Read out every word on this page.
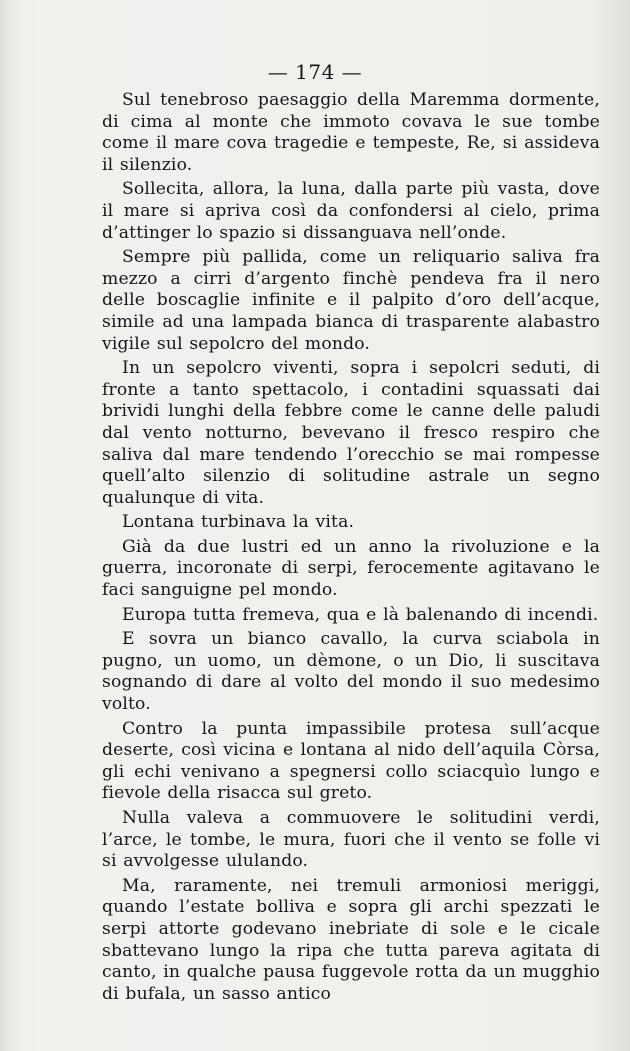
— 174 —

Sul tenebroso paesaggio della Maremma dormente, di cima al monte che immoto covava le sue tombe come il mare cova tragedie e tempeste, Re, si assideva il silenzio.

Sollecita, allora, la luna, dalla parte più vasta, dove il mare si apriva così da confondersi al cielo, prima d’attinger lo spazio si dissanguava nell’onde.

Sempre più pallida, come un reliquario saliva fra mezzo a cirri d’argento finchè pendeva fra il nero delle boscaglie infinite e il palpito d’oro dell’acque, simile ad una lampada bianca di trasparente alabastro vigile sul sepolcro del mondo.

In un sepolcro viventi, sopra i sepolcri seduti, di fronte a tanto spettacolo, i contadini squassati dai brividi lunghi della febbre come le canne delle paludi dal vento notturno, bevevano il fresco respiro che saliva dal mare tendendo l’orecchio se mai rompesse quell’alto silenzio di solitudine astrale un segno qualunque di vita.

Lontana turbinava la vita.

Già da due lustri ed un anno la rivoluzione e la guerra, incoronate di serpi, ferocemente agitavano le faci sanguigne pel mondo.

Europa tutta fremeva, qua e là balenando di incendi.

E sovra un bianco cavallo, la curva sciabola in pugno, un uomo, un dèmone, o un Dio, li suscitava sognando di dare al volto del mondo il suo medesimo volto.

Contro la punta impassibile protesa sull’acque deserte, così vicina e lontana al nido dell’aquila Còrsa, gli echi venivano a spegnersi collo sciacquìo lungo e fievole della risacca sul greto.

Nulla valeva a commuovere le solitudini verdi, l’arce, le tombe, le mura, fuori che il vento se folle vi si avvolgesse ululando.

Ma, raramente, nei tremuli armoniosi meriggi, quando l’estate bolliva e sopra gli archi spezzati le serpi attorte godevano inebriate di sole e le cicale sbattevano lungo la ripa che tutta pareva agitata di canto, in qualche pausa fuggevole rotta da un mugghio di bufala, un sasso antico
